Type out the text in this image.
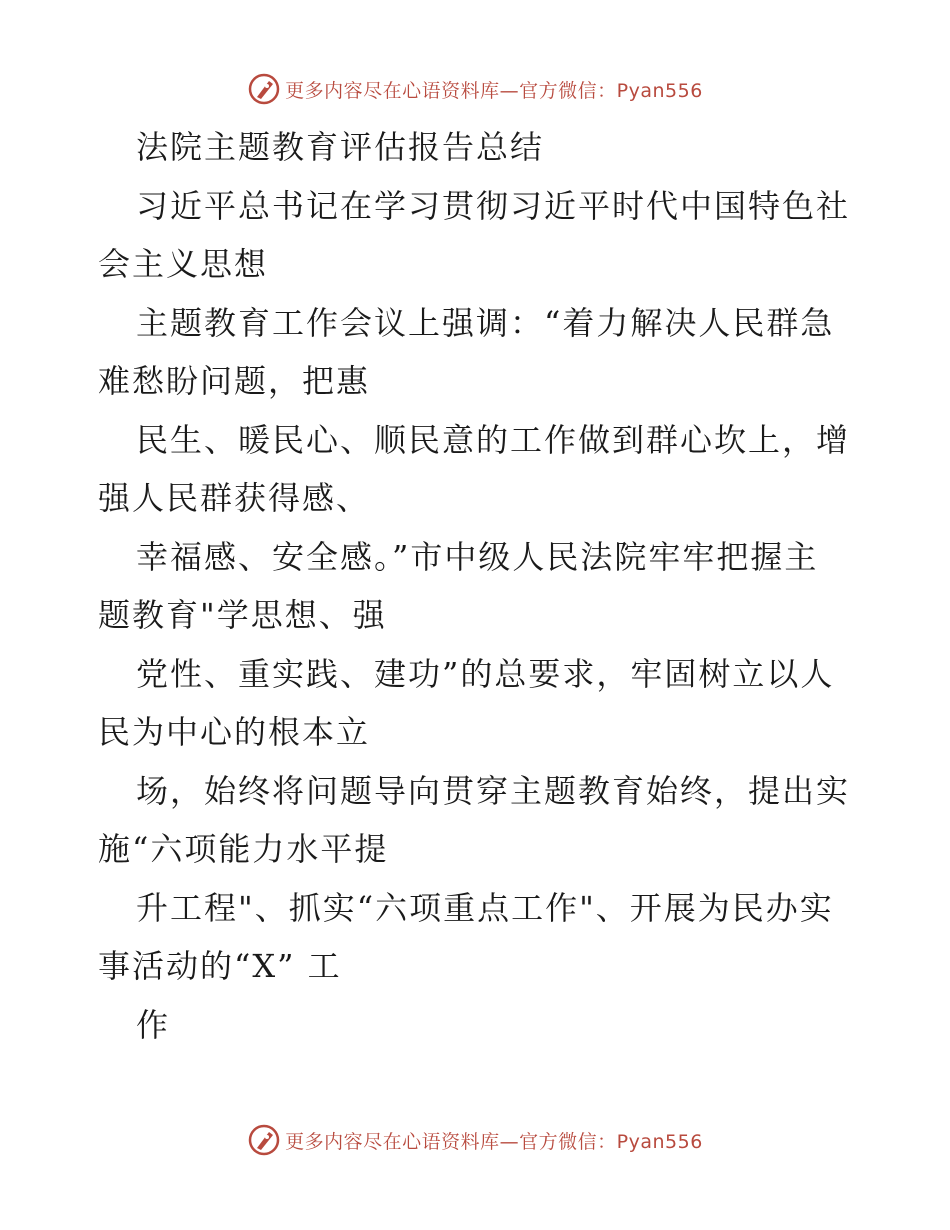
更多内容尽在心语资料库—官方微信：Pyan556
法院主题教育评估报告总结
习近平总书记在学习贯彻习近平时代中国特色社
会主义思想
主题教育工作会议上强调：“着力解决人民群急
难愁盼问题，把惠
民生、暖民心、顺民意的工作做到群心坎上，增
强人民群获得感、
幸福感、安全感。”市中级人民法院牢牢把握主
题教育"学思想、强
党性、重实践、建功”的总要求，牢固树立以人
民为中心的根本立
场，始终将问题导向贯穿主题教育始终，提出实
施“六项能力水平提
升工程"、抓实“六项重点工作"、开展为民办实
事活动的“X” 工
作
更多内容尽在心语资料库—官方微信：Pyan556
